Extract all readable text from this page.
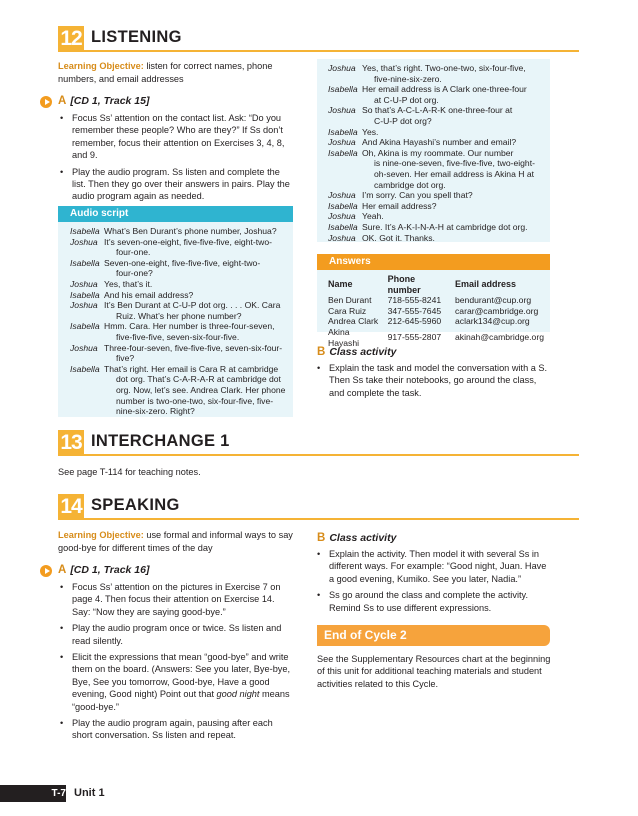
12 LISTENING
Learning Objective: listen for correct names, phone numbers, and email addresses
A [CD 1, Track 15]
• Focus Ss’ attention on the contact list. Ask: “Do you remember these people? Who are they?” If Ss don’t remember, focus their attention on Exercises 3, 4, 8, and 9.
• Play the audio program. Ss listen and complete the list. Then they go over their answers in pairs. Play the audio program again as needed.
Audio script
Isabella What’s Ben Durant’s phone number, Joshua?
Joshua It’s seven-one-eight, five-five-five, eight-two-
four-one.
Isabella Seven-one-eight, five-five-five, eight-two-
four-one?
Joshua Yes, that’s it.
Isabella And his email address?
Joshua It’s Ben Durant at C-U-P dot org. . . . OK. Cara
Ruiz. What’s her phone number?
Isabella Hmm. Cara. Her number is three-four-seven,
five-five-five, seven-six-four-five.
Joshua Three-four-seven, five-five-five, seven-six-four-
five?
Isabella That’s right. Her email is Cara R at cambridge
dot org. That’s C-A-R-A-R at cambridge dot
org. Now, let’s see. Andrea Clark. Her phone
number is two-one-two, six-four-five, five-
nine-six-zero. Right?
Joshua Yes, that’s right. Two-one-two, six-four-five,
five-nine-six-zero.
Isabella Her email address is A Clark one-three-four
at C-U-P dot org.
Joshua So that’s A-C-L-A-R-K one-three-four at
C-U-P dot org?
Isabella Yes.
Joshua And Akina Hayashi’s number and email?
Isabella Oh, Akina is my roommate. Our number
is nine-one-seven, five-five-five, two-eight-
oh-seven. Her email address is Akina H at
cambridge dot org.
Joshua I’m sorry. Can you spell that?
Isabella Her email address?
Joshua Yeah.
Isabella Sure. It’s A-K-I-N-A-H at cambridge dot org.
Joshua OK. Got it. Thanks.
Answers
Name	Phone number	Email address
Ben Durant	718-555-8241	bendurant@cup.org
Cara Ruiz	347-555-7645	carar@cambridge.org
Andrea Clark	212-645-5960	aclark134@cup.org
Akina Hayashi	917-555-2807	akinah@cambridge.org
B Class activity
• Explain the task and model the conversation with a S. Then Ss take their notebooks, go around the class, and complete the task.
13 INTERCHANGE 1
See page T-114 for teaching notes.
14 SPEAKING
Learning Objective: use formal and informal ways to say good-bye for different times of the day
A [CD 1, Track 16]
• Focus Ss’ attention on the pictures in Exercise 7 on page 4. Then focus their attention on Exercise 14. Say: “Now they are saying good-bye.”
• Play the audio program once or twice. Ss listen and read silently.
• Elicit the expressions that mean “good-bye” and write them on the board. (Answers: See you later, Bye-bye, Bye, See you tomorrow, Good-bye, Have a good evening, Good night) Point out that good night means “good-bye.”
• Play the audio program again, pausing after each short conversation. Ss listen and repeat.
B Class activity
• Explain the activity. Then model it with several Ss in different ways. For example: “Good night, Juan. Have a good evening, Kumiko. See you later, Nadia.”
• Ss go around the class and complete the activity. Remind Ss to use different expressions.
End of Cycle 2
See the Supplementary Resources chart at the beginning of this unit for additional teaching materials and student activities related to this Cycle.
T-7 Unit 1
